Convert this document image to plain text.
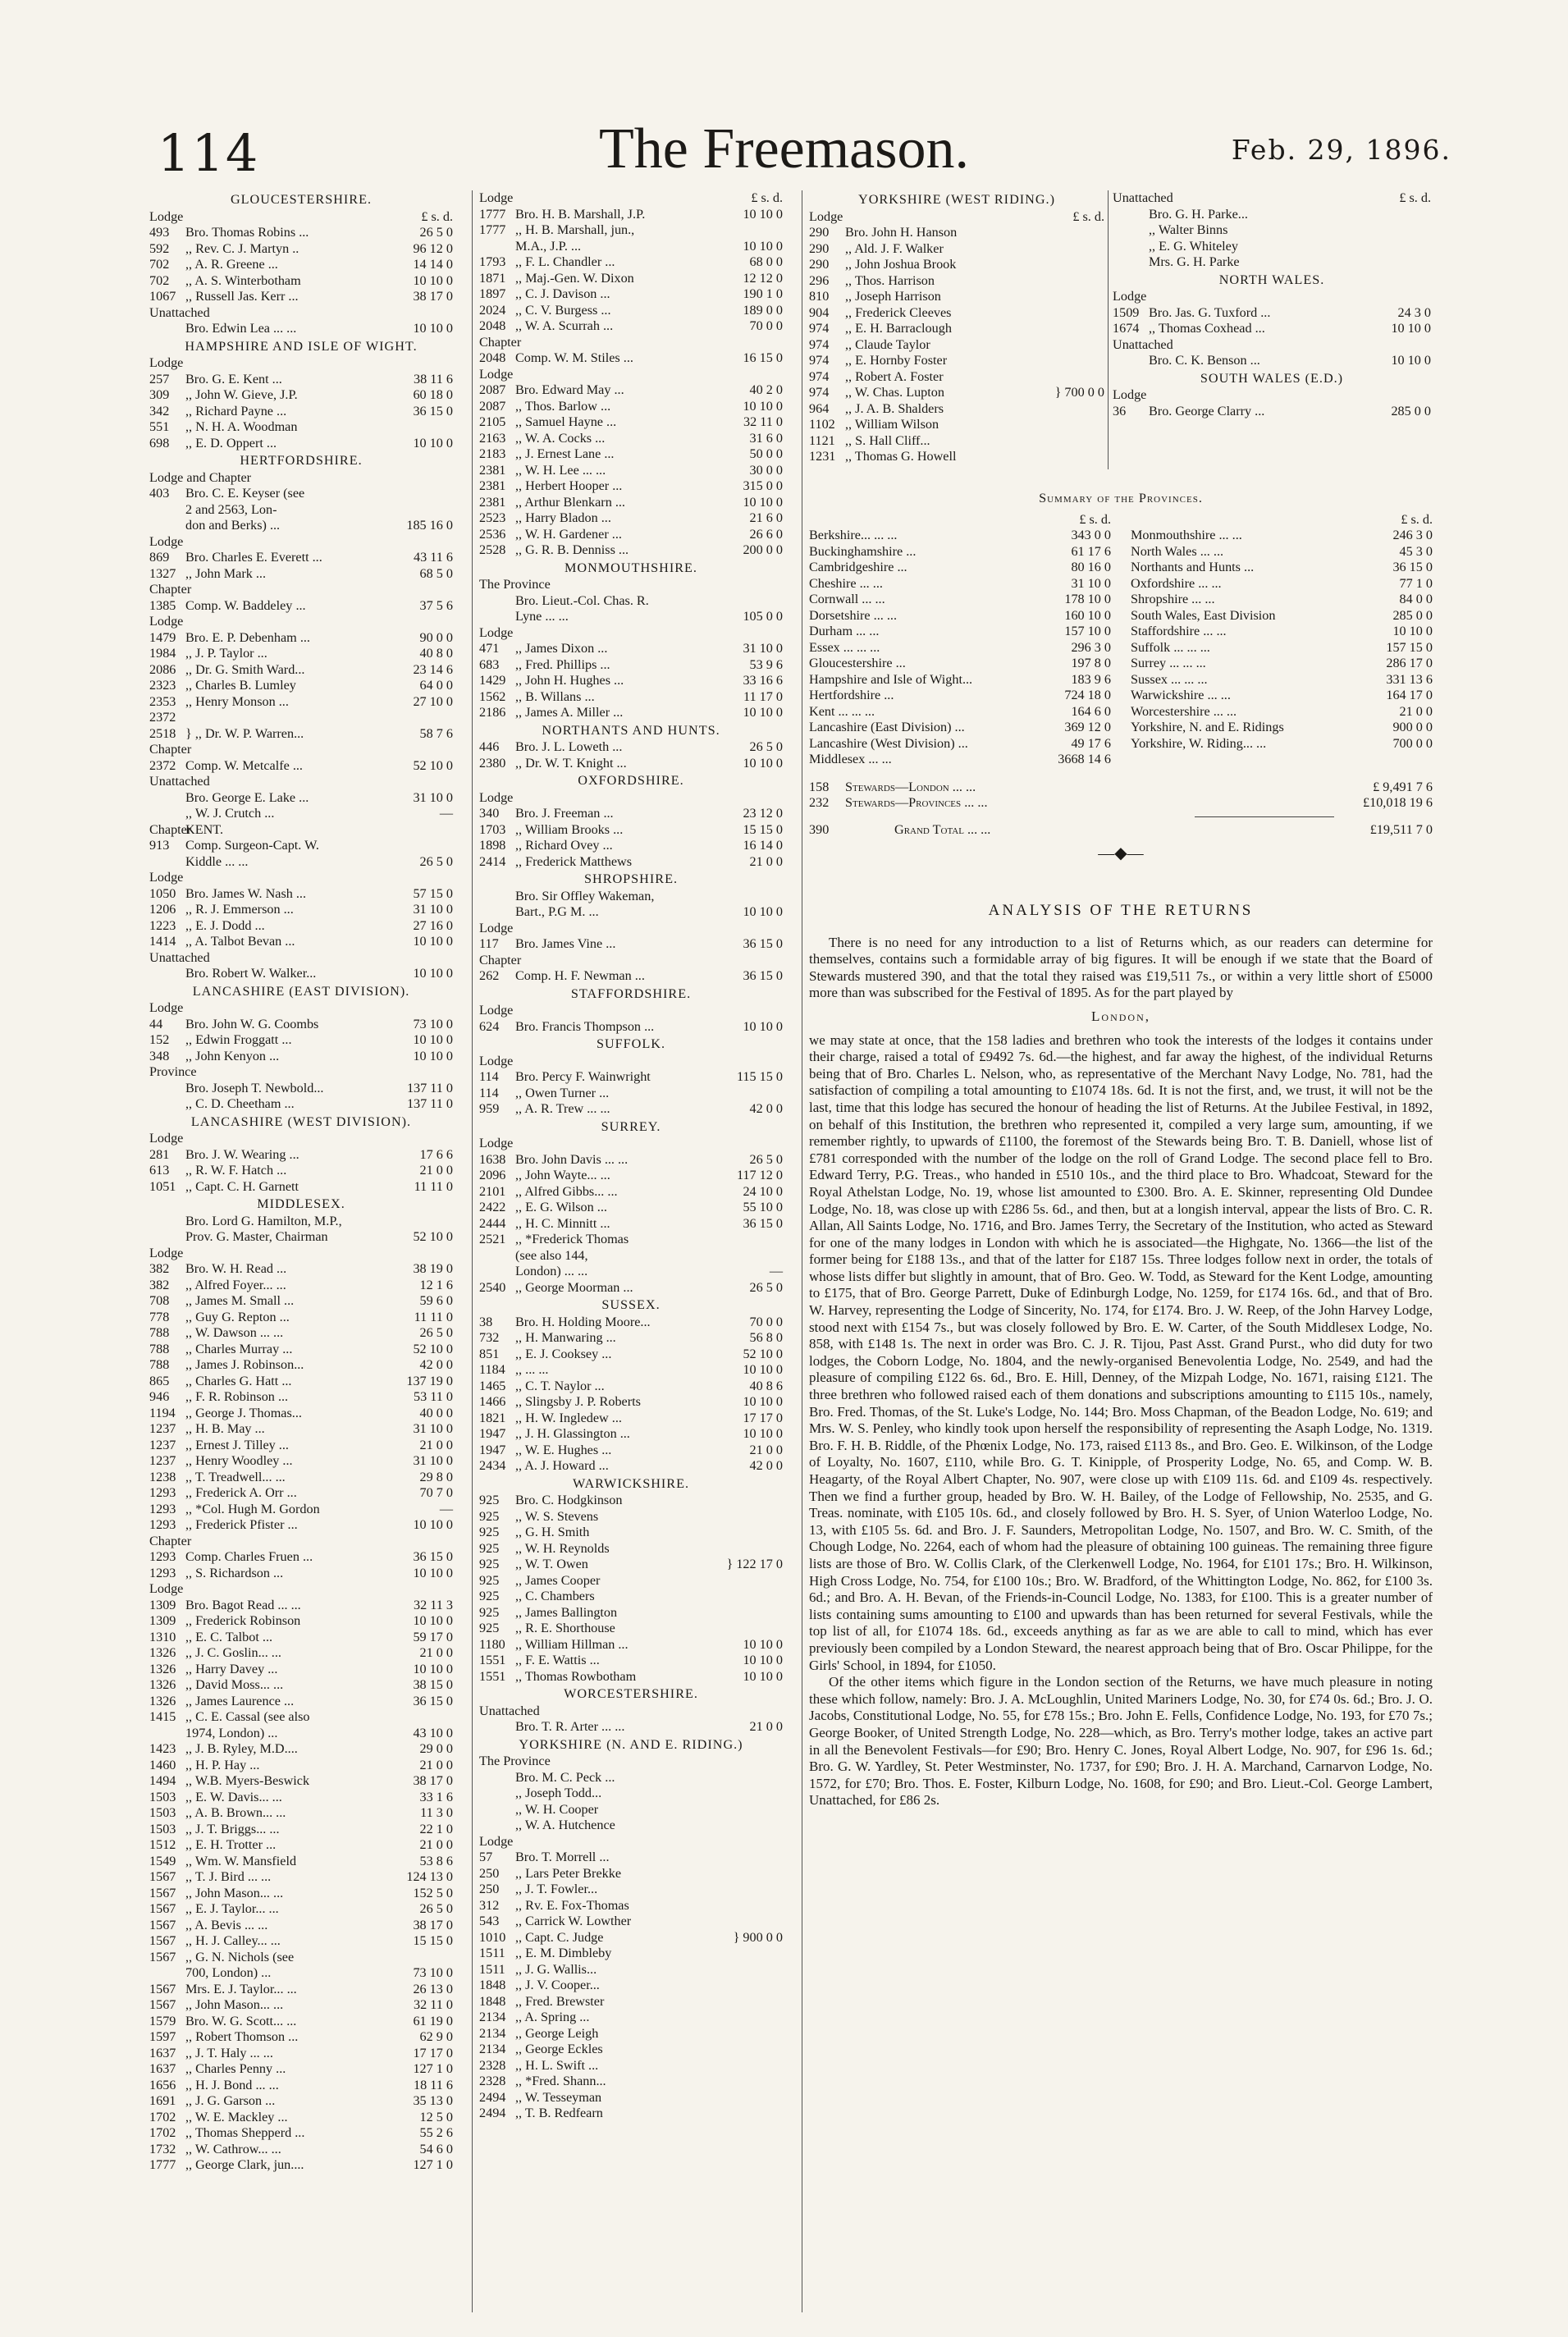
114	The Freemason.	Feb. 29, 1896.
GLOUCESTERSHIRE.
Lodge	£ s. d.
493	Bro. Thomas Robins ...	26 5 0
592	,, Rev. C. J. Martyn ..	96 12 0
702	,, A. R. Greene ...	14 14 0
702	,, A. S. Winterbotham	10 10 0
1067 ,, Russell Jas. Kerr ...	38 17 0
Unattached
Bro. Edwin Lea ... ...	10 10 0
HAMPSHIRE AND ISLE OF WIGHT.
Lodge
257	Bro. G. E. Kent ...	38 11 6
309	,, John W. Gieve, J.P.	60 18 0
342	,, Richard Payne ...	36 15 0
551	,, N. H. A. Woodman
698	,, E. D. Oppert ...	10 10 0
HERTFORDSHIRE.
Lodge and Chapter
403	Bro. C. E. Keyser (see
2 and 2563, Lon-
don and Berks) ...	185 16 0
Lodge
869	Bro. Charles E. Everett ...	43 11 6
1327 ,, John Mark ...	68 5 0
Chapter
1385 Comp. W. Baddeley ...	37 5 6
Lodge
1479 Bro. E. P. Debenham ...	90 0 0
1984 ,, J. P. Taylor ...	40 8 0
2086 ,, Dr. G. Smith Ward...	23 14 6
2323 ,, Charles B. Lumley	64 0 0
2353 ,, Henry Monson ...	27 10 0
2372
2518 } ,, Dr. W. P. Warren...	58 7 6
Chapter
2372 Comp. W. Metcalfe ...	52 10 0
Unattached
Bro. George E. Lake ...	31 10 0
,, W. J. Crutch ...	—
Chapter
KENT.
913	Comp. Surgeon-Capt. W.
Kiddle ... ...	26 5 0
Lodge
1050 Bro. James W. Nash ...	57 15 0
1206 ,, R. J. Emmerson ...	31 10 0
1223 ,, E. J. Dodd ...	27 16 0
1414 ,, A. Talbot Bevan ...	10 10 0
Unattached
Bro. Robert W. Walker...	10 10 0
LANCASHIRE (EAST DIVISION).
Lodge
44	Bro. John W. G. Coombs	73 10 0
152	,, Edwin Froggatt ...	10 10 0
348	,, John Kenyon ...	10 10 0
Province
Bro. Joseph T. Newbold...	137 11 0
,, C. D. Cheetham ...	137 11 0
LANCASHIRE (WEST DIVISION).
Lodge
281	Bro. J. W. Wearing ...	17 6 6
613	,, R. W. F. Hatch ...	21 0 0
1051 ,, Capt. C. H. Garnett	11 11 0
MIDDLESEX.
Bro. Lord G. Hamilton, M.P.,
Prov. G. Master, Chairman	52 10 0
Lodge
382	Bro. W. H. Read ...	38 19 0
382	,, Alfred Foyer... ...	12 1 6
708	,, James M. Small ...	59 6 0
778	,, Guy G. Repton ...	11 11 0
788	,, W. Dawson ... ...	26 5 0
788	,, Charles Murray ...	52 10 0
788	,, James J. Robinson...	42 0 0
865	,, Charles G. Hatt ...	137 19 0
946	,, F. R. Robinson ...	53 11 0
1194 ,, George J. Thomas...	40 0 0
1237 ,, H. B. May ...	31 10 0
1237 ,, Ernest J. Tilley ...	21 0 0
1237 ,, Henry Woodley ...	31 10 0
1238 ,, T. Treadwell... ...	29 8 0
1293 ,, Frederick A. Orr ...	70 7 0
1293 ,, *Col. Hugh M. Gordon	—
1293 ,, Frederick Pfister ...	10 10 0
Chapter
1293 Comp. Charles Fruen ...	36 15 0
1293 ,, S. Richardson ...	10 10 0
Lodge
1309 Bro. Bagot Read ... ...	32 11 3
1309 ,, Frederick Robinson	10 10 0
1310 ,, E. C. Talbot ...	59 17 0
1326 ,, J. C. Goslin... ...	21 0 0
1326 ,, Harry Davey ...	10 10 0
1326 ,, David Moss... ...	38 15 0
1326 ,, James Laurence ...	36 15 0
1415 ,, C. E. Cassal (see also
1974, London) ...	43 10 0
1423 ,, J. B. Ryley, M.D....	29 0 0
1460 ,, H. P. Hay ...	21 0 0
1494 ,, W.B. Myers-Beswick	38 17 0
1503 ,, E. W. Davis... ...	33 1 6
1503 ,, A. B. Brown... ...	11 3 0
1503 ,, J. T. Briggs... ...	22 1 0
1512 ,, E. H. Trotter ...	21 0 0
1549 ,, Wm. W. Mansfield	53 8 6
1567 ,, T. J. Bird ... ...	124 13 0
1567 ,, John Mason... ...	152 5 0
1567 ,, E. J. Taylor... ...	26 5 0
1567 ,, A. Bevis ... ...	38 17 0
1567 ,, H. J. Calley... ...	15 15 0
1567 ,, G. N. Nichols (see
700, London) ...	73 10 0
1567 Mrs. E. J. Taylor... ...	26 13 0
1567 ,, John Mason... ...	32 11 0
1579 Bro. W. G. Scott... ...	61 19 0
1597 ,, Robert Thomson ...	62 9 0
1637 ,, J. T. Haly ... ...	17 17 0
1637 ,, Charles Penny ...	127 1 0
1656 ,, H. J. Bond ... ...	18 11 6
1691 ,, J. G. Garson ...	35 13 0
1702 ,, W. E. Mackley ...	12 5 0
1702 ,, Thomas Shepperd ...	55 2 6
1732 ,, W. Cathrow... ...	54 6 0
1777 ,, George Clark, jun....	127 1 0
Lodge	£ s. d.
1777 Bro. H. B. Marshall, J.P.	10 10 0
1777 ,, H. B. Marshall, jun.,
M.A., J.P. ...	10 10 0
1793 ,, F. L. Chandler ...	68 0 0
1871 ,, Maj.-Gen. W. Dixon	12 12 0
1897 ,, C. J. Davison ...	190 1 0
2024 ,, C. V. Burgess ...	189 0 0
2048 ,, W. A. Scurrah ...	70 0 0
Chapter
2048 Comp. W. M. Stiles ...	16 15 0
Lodge
2087 Bro. Edward May ...	40 2 0
2087 ,, Thos. Barlow ...	10 10 0
2105 ,, Samuel Hayne ...	32 11 0
2163 ,, W. A. Cocks ...	31 6 0
2183 ,, J. Ernest Lane ...	50 0 0
2381 ,, W. H. Lee ... ...	30 0 0
2381 ,, Herbert Hooper ...	315 0 0
2381 ,, Arthur Blenkarn ...	10 10 0
2523 ,, Harry Bladon ...	21 6 0
2536 ,, W. H. Gardener ...	26 6 0
2528 ,, G. R. B. Denniss ...	200 0 0
MONMOUTHSHIRE.
The Province
Bro. Lieut.-Col. Chas. R.
Lyne ... ...	105 0 0
Lodge
471	,, James Dixon ...	31 10 0
683	,, Fred. Phillips ...	53 9 6
1429 ,, John H. Hughes ...	33 16 6
1562 ,, B. Willans ...	11 17 0
2186 ,, James A. Miller ...	10 10 0
NORTHANTS AND HUNTS.
446	Bro. J. L. Loweth ...	26 5 0
2380 ,, Dr. W. T. Knight ...	10 10 0
OXFORDSHIRE.
Lodge
340	Bro. J. Freeman ...	23 12 0
1703 ,, William Brooks ...	15 15 0
1898 ,, Richard Ovey ...	16 14 0
2414 ,, Frederick Matthews	21 0 0
SHROPSHIRE.
Bro. Sir Offley Wakeman,
Bart., P.G M. ...	10 10 0
Lodge
117	Bro. James Vine ...	36 15 0
Chapter
262	Comp. H. F. Newman ...	36 15 0
STAFFORDSHIRE.
Lodge
624	Bro. Francis Thompson ...	10 10 0
SUFFOLK.
Lodge
114	Bro. Percy F. Wainwright	115 15 0
114	,, Owen Turner ...
959	,, A. R. Trew ... ...	42 0 0
SURREY.
Lodge
1638 Bro. John Davis ... ...	26 5 0
2096 ,, John Wayte... ...	117 12 0
2101 ,, Alfred Gibbs... ...	24 10 0
2422 ,, E. G. Wilson ...	55 10 0
2444 ,, H. C. Minnitt ...	36 15 0
2521 ,, *Frederick Thomas
(see also 144,
London) ... ...	—
2540 ,, George Moorman ...	26 5 0
SUSSEX.
38	Bro. H. Holding Moore...	70 0 0
732	,, H. Manwaring ...	56 8 0
851	,, E. J. Cooksey ...	52 10 0
1184 ,, ... ...	10 10 0
1465 ,, C. T. Naylor ...	40 8 6
1466 ,, Slingsby J. P. Roberts	10 10 0
1821 ,, H. W. Ingledew ...	17 17 0
1947 ,, J. H. Glassington ...	10 10 0
1947 ,, W. E. Hughes ...	21 0 0
2434 ,, A. J. Howard ...	42 0 0
WARWICKSHIRE.
925	Bro. C. Hodgkinson
925	,, W. S. Stevens
925	,, G. H. Smith
925	,, W. H. Reynolds
925	,, W. T. Owen	} 122 17 0
925	,, James Cooper
925	,, C. Chambers
925	,, James Ballington
925	,, R. E. Shorthouse
1180 ,, William Hillman ...	10 10 0
1551 ,, F. E. Wattis ...	10 10 0
1551 ,, Thomas Rowbotham	10 10 0
WORCESTERSHIRE.
Unattached
Bro. T. R. Arter ... ...	21 0 0
YORKSHIRE (N. AND E. RIDING.)
The Province
Bro. M. C. Peck ...
,, Joseph Todd...
,, W. H. Cooper
,, W. A. Hutchence
Lodge
57	Bro. T. Morrell ...
250	,, Lars Peter Brekke
250	,, J. T. Fowler...
312	,, Rv. E. Fox-Thomas
543	,, Carrick W. Lowther
1010 ,, Capt. C. Judge	} 900 0 0
1511 ,, E. M. Dimbleby
1511 ,, J. G. Wallis...
1848 ,, J. V. Cooper...
1848 ,, Fred. Brewster
2134 ,, A. Spring ...
2134 ,, George Leigh
2134 ,, George Eckles
2328 ,, H. L. Swift ...
2328 ,, *Fred. Shann...
2494 ,, W. Tesseyman
2494 ,, T. B. Redfearn
YORKSHIRE (WEST RIDING.)
Lodge	£ s. d.
290	Bro. John H. Hanson
290	,, Ald. J. F. Walker
290	,, John Joshua Brook
296	,, Thos. Harrison
810	,, Joseph Harrison
904	,, Frederick Cleeves
974	,, E. H. Barraclough
974	,, Claude Taylor
974	,, E. Hornby Foster
974	,, Robert A. Foster
974	,, W. Chas. Lupton	} 700 0 0
964	,, J. A. B. Shalders
1102 ,, William Wilson
1121 ,, S. Hall Cliff...
1231 ,, Thomas G. Howell
Unattached	£ s. d.
Bro. G. H. Parke...
,, Walter Binns
,, E. G. Whiteley
Mrs. G. H. Parke
NORTH WALES.
Lodge
1509 Bro. Jas. G. Tuxford ...	24 3 0
1674 ,, Thomas Coxhead ...	10 10 0
Unattached
Bro. C. K. Benson ...	10 10 0
SOUTH WALES (E.D.)
Lodge
36	Bro. George Clarry ...	285 0 0
Summary of the Provinces.
£ s. d.
Berkshire... ... ...	343 0 0
Buckinghamshire ...	61 17 6
Cambridgeshire ...	80 16 0
Cheshire ... ...	31 10 0
Cornwall ... ...	178 10 0
Dorsetshire ... ...	160 10 0
Durham ... ...	157 10 0
Essex ... ... ...	296 3 0
Gloucestershire ...	197 8 0
Hampshire and Isle of Wight...	183 9 6
Hertfordshire ...	724 18 0
Kent ... ... ...	164 6 0
Lancashire (East Division) ...	369 12 0
Lancashire (West Division) ...	49 17 6
Middlesex ... ...	3668 14 6
£ s. d.
Monmouthshire ... ...	246 3 0
North Wales ... ...	45 3 0
Northants and Hunts ...	36 15 0
Oxfordshire ... ...	77 1 0
Shropshire ... ...	84 0 0
South Wales, East Division	285 0 0
Staffordshire ... ...	10 10 0
Suffolk ... ... ...	157 15 0
Surrey ... ... ...	286 17 0
Sussex ... ... ...	331 13 6
Warwickshire ... ...	164 17 0
Worcestershire ... ...	21 0 0
Yorkshire, N. and E. Ridings	900 0 0
Yorkshire, W. Riding... ...	700 0 0
158	Stewards—London ... ...	£ 9,491 7 6
232	Stewards—Provinces ... ...	£10,018 19 6
390	Grand Total ... ...	£19,511 7 0
—◆—
ANALYSIS OF THE RETURNS

There is no need for any introduction to a list of Returns which, as our readers can determine for themselves, contains such a formidable array of big figures. It will be enough if we state that the Board of Stewards mustered 390, and that the total they raised was £19,511 7s., or within a very little short of £5000 more than was subscribed for the Festival of 1895. As for the part played by

London,

we may state at once, that the 158 ladies and brethren who took the interests of the lodges it contains under their charge, raised a total of £9492 7s. 6d.—the highest, and far away the highest, of the individual Returns being that of Bro. Charles L. Nelson, who, as representative of the Merchant Navy Lodge, No. 781, had the satisfaction of compiling a total amounting to £1074 18s. 6d. It is not the first, and, we trust, it will not be the last, time that this lodge has secured the honour of heading the list of Returns. At the Jubilee Festival, in 1892, on behalf of this Institution, the brethren who represented it, compiled a very large sum, amounting, if we remember rightly, to upwards of £1100, the foremost of the Stewards being Bro. T. B. Daniell, whose list of £781 corresponded with the number of the lodge on the roll of Grand Lodge. The second place fell to Bro. Edward Terry, P.G. Treas., who handed in £510 10s., and the third place to Bro. Whadcoat, Steward for the Royal Athelstan Lodge, No. 19, whose list amounted to £300. Bro. A. E. Skinner, representing Old Dundee Lodge, No. 18, was close up with £286 5s. 6d., and then, but at a longish interval, appear the lists of Bro. C. R. Allan, All Saints Lodge, No. 1716, and Bro. James Terry, the Secretary of the Institution, who acted as Steward for one of the many lodges in London with which he is associated—the Highgate, No. 1366—the list of the former being for £188 13s., and that of the latter for £187 15s. Three lodges follow next in order, the totals of whose lists differ but slightly in amount, that of Bro. Geo. W. Todd, as Steward for the Kent Lodge, amounting to £175, that of Bro. George Parrett, Duke of Edinburgh Lodge, No. 1259, for £174 16s. 6d., and that of Bro. W. Harvey, representing the Lodge of Sincerity, No. 174, for £174. Bro. J. W. Reep, of the John Harvey Lodge, stood next with £154 7s., but was closely followed by Bro. E. W. Carter, of the South Middlesex Lodge, No. 858, with £148 1s. The next in order was Bro. C. J. R. Tijou, Past Asst. Grand Purst., who did duty for two lodges, the Coborn Lodge, No. 1804, and the newly-organised Benevolentia Lodge, No. 2549, and had the pleasure of compiling £122 6s. 6d., Bro. E. Hill, Denney, of the Mizpah Lodge, No. 1671, raising £121. The three brethren who followed raised each of them donations and subscriptions amounting to £115 10s., namely, Bro. Fred. Thomas, of the St. Luke's Lodge, No. 144; Bro. Moss Chapman, of the Beadon Lodge, No. 619; and Mrs. W. S. Penley, who kindly took upon herself the responsibility of representing the Asaph Lodge, No. 1319. Bro. F. H. B. Riddle, of the Phœnix Lodge, No. 173, raised £113 8s., and Bro. Geo. E. Wilkinson, of the Lodge of Loyalty, No. 1607, £110, while Bro. G. T. Kinipple, of Prosperity Lodge, No. 65, and Comp. W. B. Heagarty, of the Royal Albert Chapter, No. 907, were close up with £109 11s. 6d. and £109 4s. respectively. Then we find a further group, headed by Bro. W. H. Bailey, of the Lodge of Fellowship, No. 2535, and G. Treas. nominate, with £105 10s. 6d., and closely followed by Bro. H. S. Syer, of Union Waterloo Lodge, No. 13, with £105 5s. 6d. and Bro. J. F. Saunders, Metropolitan Lodge, No. 1507, and Bro. W. C. Smith, of the Chough Lodge, No. 2264, each of whom had the pleasure of obtaining 100 guineas. The remaining three figure lists are those of Bro. W. Collis Clark, of the Clerkenwell Lodge, No. 1964, for £101 17s.; Bro. H. Wilkinson, High Cross Lodge, No. 754, for £100 10s.; Bro. W. Bradford, of the Whittington Lodge, No. 862, for £100 3s. 6d.; and Bro. A. H. Bevan, of the Friends-in-Council Lodge, No. 1383, for £100. This is a greater number of lists containing sums amounting to £100 and upwards than has been returned for several Festivals, while the top list of all, for £1074 18s. 6d., exceeds anything as far as we are able to call to mind, which has ever previously been compiled by a London Steward, the nearest approach being that of Bro. Oscar Philippe, for the Girls' School, in 1894, for £1050.

Of the other items which figure in the London section of the Returns, we have much pleasure in noting these which follow, namely: Bro. J. A. McLoughlin, United Mariners Lodge, No. 30, for £74 0s. 6d.; Bro. J. O. Jacobs, Constitutional Lodge, No. 55, for £78 15s.; Bro. John E. Fells, Confidence Lodge, No. 193, for £70 7s.; George Booker, of United Strength Lodge, No. 228—which, as Bro. Terry's mother lodge, takes an active part in all the Benevolent Festivals—for £90; Bro. Henry C. Jones, Royal Albert Lodge, No. 907, for £96 1s. 6d.; Bro. G. W. Yardley, St. Peter Westminster, No. 1737, for £90; Bro. J. H. A. Marchand, Carnarvon Lodge, No. 1572, for £70; Bro. Thos. E. Foster, Kilburn Lodge, No. 1608, for £90; and Bro. Lieut.-Col. George Lambert, Unattached, for £86 2s.
